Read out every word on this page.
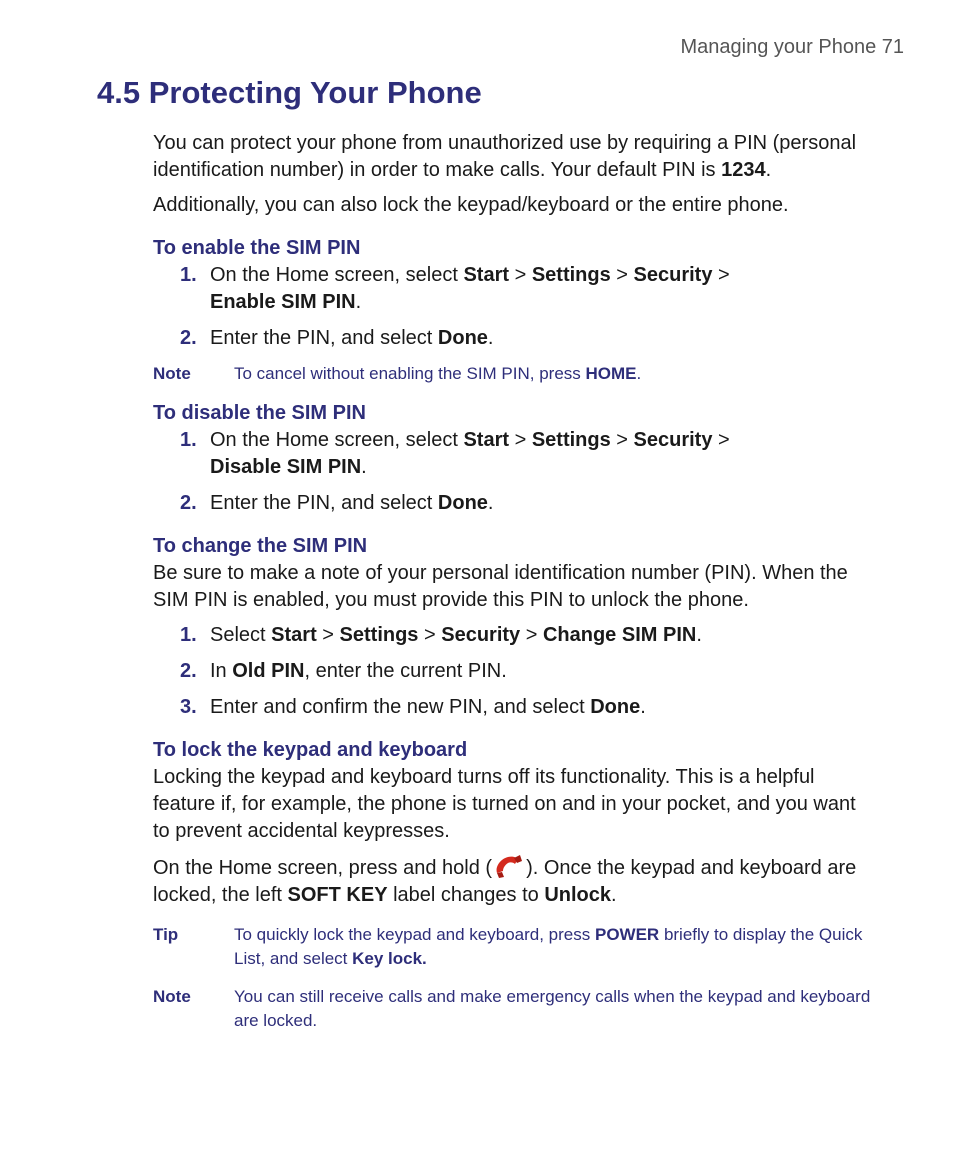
Managing your Phone 71
4.5 Protecting Your Phone

You can protect your phone from unauthorized use by requiring a PIN (personal identification number) in order to make calls. Your default PIN is 1234.

Additionally, you can also lock the keypad/keyboard or the entire phone.

To enable the SIM PIN
1. On the Home screen, select Start > Settings > Security >
Enable SIM PIN.
2. Enter the PIN, and select Done.
Note	To cancel without enabling the SIM PIN, press HOME.
To disable the SIM PIN
1. On the Home screen, select Start > Settings > Security >
Disable SIM PIN.
2. Enter the PIN, and select Done.
To change the SIM PIN

Be sure to make a note of your personal identification number (PIN). When the SIM PIN is enabled, you must provide this PIN to unlock the phone.

1. Select Start > Settings > Security > Change SIM PIN.
2. In Old PIN, enter the current PIN.
3. Enter and confirm the new PIN, and select Done.
To lock the keypad and keyboard

Locking the keypad and keyboard turns off its functionality. This is a helpful feature if, for example, the phone is turned on and in your pocket, and you want to prevent accidental keypresses.

On the Home screen, press and hold ( ). Once the keypad and keyboard are locked, the left SOFT KEY label changes to Unlock.

Tip	To quickly lock the keypad and keyboard, press POWER briefly to display the Quick List, and select Key lock.
Note	You can still receive calls and make emergency calls when the keypad and keyboard are locked.
